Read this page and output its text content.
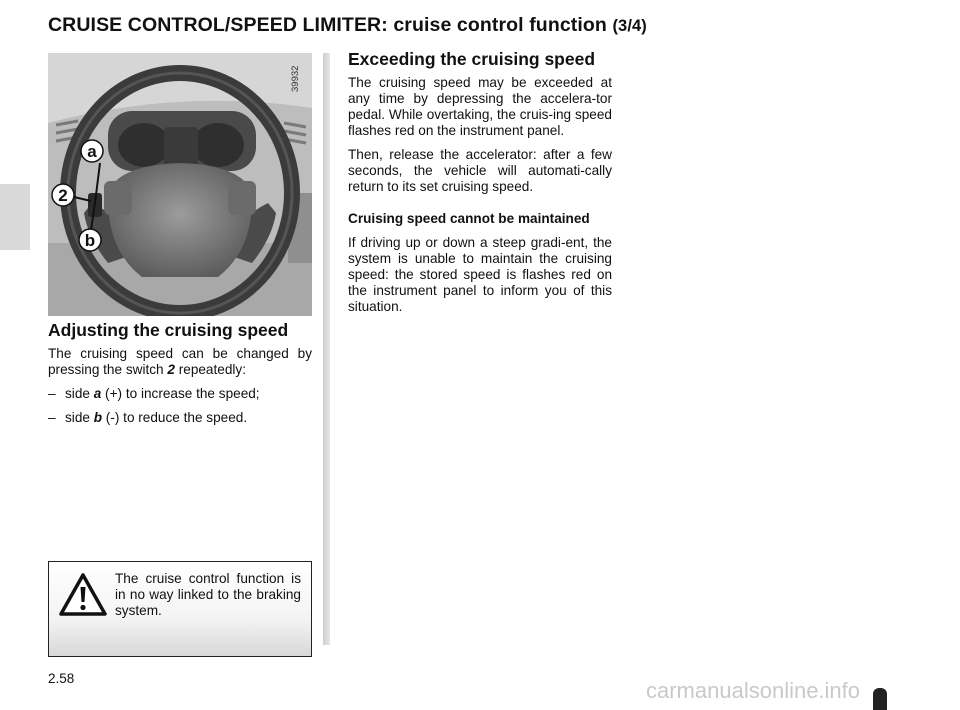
CRUISE CONTROL/SPEED LIMITER: cruise control function (3/4)
a
2
b
39932
Adjusting the cruising speed

The cruising speed can be changed by pressing the switch 2 repeatedly:

– side a (+) to increase the speed;
– side b (-) to reduce the speed.
The cruise control function is in no way linked to the braking system.
Exceeding the cruising speed

The cruising speed may be exceeded at any time by depressing the accelera-tor pedal. While overtaking, the cruis-ing speed flashes red on the instrument panel.

Then, release the accelerator: after a few seconds, the vehicle will automati-cally return to its set cruising speed.

Cruising speed cannot be maintained

If driving up or down a steep gradi-ent, the system is unable to maintain the cruising speed: the stored speed is flashes red on the instrument panel to inform you of this situation.

2.58	carmanualsonline.info
